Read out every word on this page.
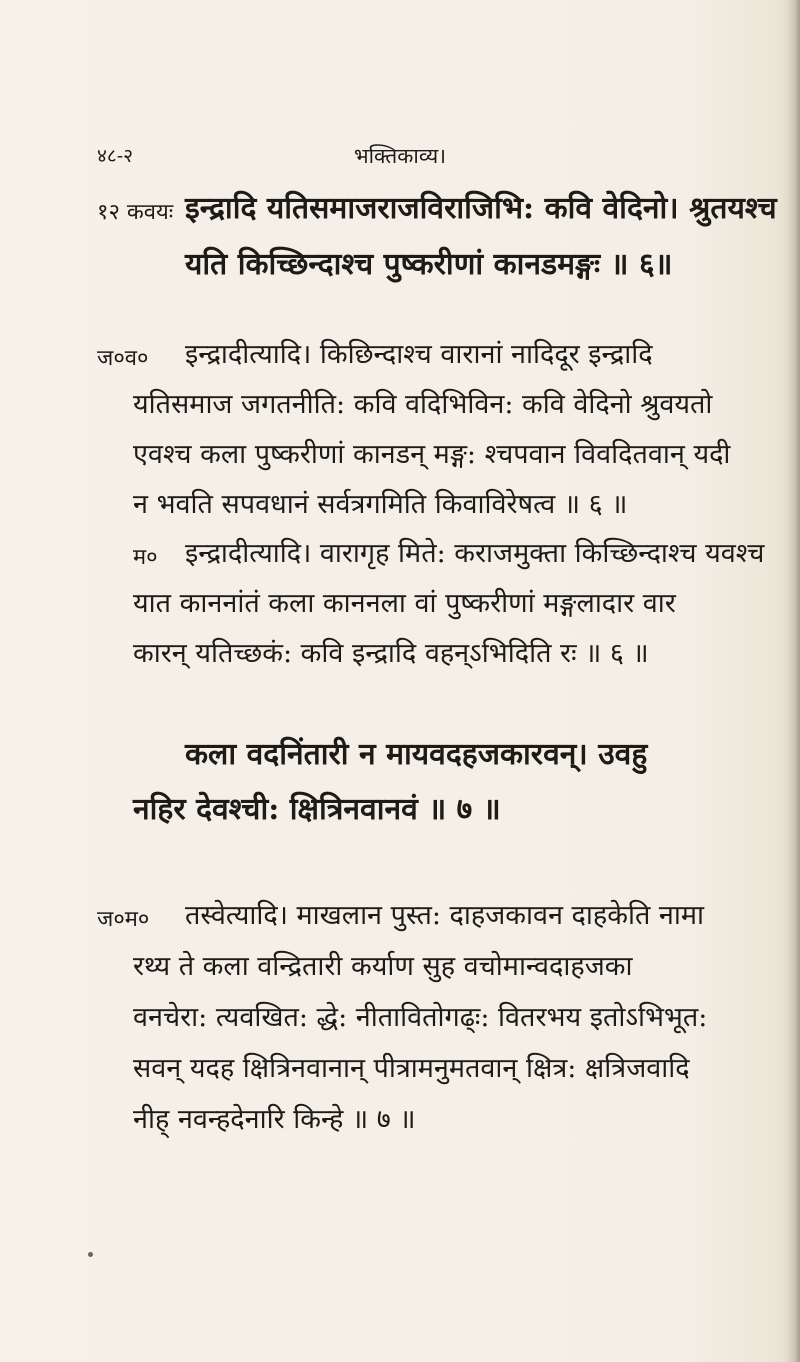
४८-२	भक्तिकाव्य।
१२ कवयः इन्द्रादि यतिसमाजराजविराजिभि: कवि वेदिनो। श्रुतयश्च
यति किच्छिन्दाश्च पुष्करीणां कानडमङ्गः ॥ ६॥
ज०व० इन्द्रादीत्यादि। किछिन्दाश्च वारानां नादिदूर इन्द्रादि
यतिसमाज जगतनीति: कवि वदिभिविन: कवि वेदिनो श्रुवयतो
एवश्च कला पुष्करीणां कानडन् मङ्ग: श्चपवान विवदितवान् यदी
न भवति सपवधानं सर्वत्रगमिति किवाविरेषत्व ॥ ६ ॥
म० इन्द्रादीत्यादि। वारागृह मिते: कराजमुक्ता किच्छिन्दाश्च यवश्च
यात काननांतं कला काननला वां पुष्करीणां मङ्गलादार वार
कारन् यतिच्छकं: कवि इन्द्रादि वहन्ऽभिदिति रः ॥ ६ ॥
कला वदनिंतारी न मायवदहजकारवन्। उवहु
नहिर देवश्ची: क्षित्रिनवानवं ॥ ७ ॥
ज०म० तस्वेत्यादि। माखलान पुस्त: दाहजकावन दाहकेति नामा
रथ्य ते कला वन्द्रितारी कर्याण सुह वचोमान्वदाहजका
वनचेरा: त्यवखित: द्धे: नीतावितोगढ्‌ः: वितरभय इतोऽभिभूत:
सवन् यदह क्षित्रिनवानान् पीत्रामनुमतवान् क्षित्र: क्षत्रिजवादि
नीह् नवन्हदेनारि किन्हे ॥ ७ ॥
